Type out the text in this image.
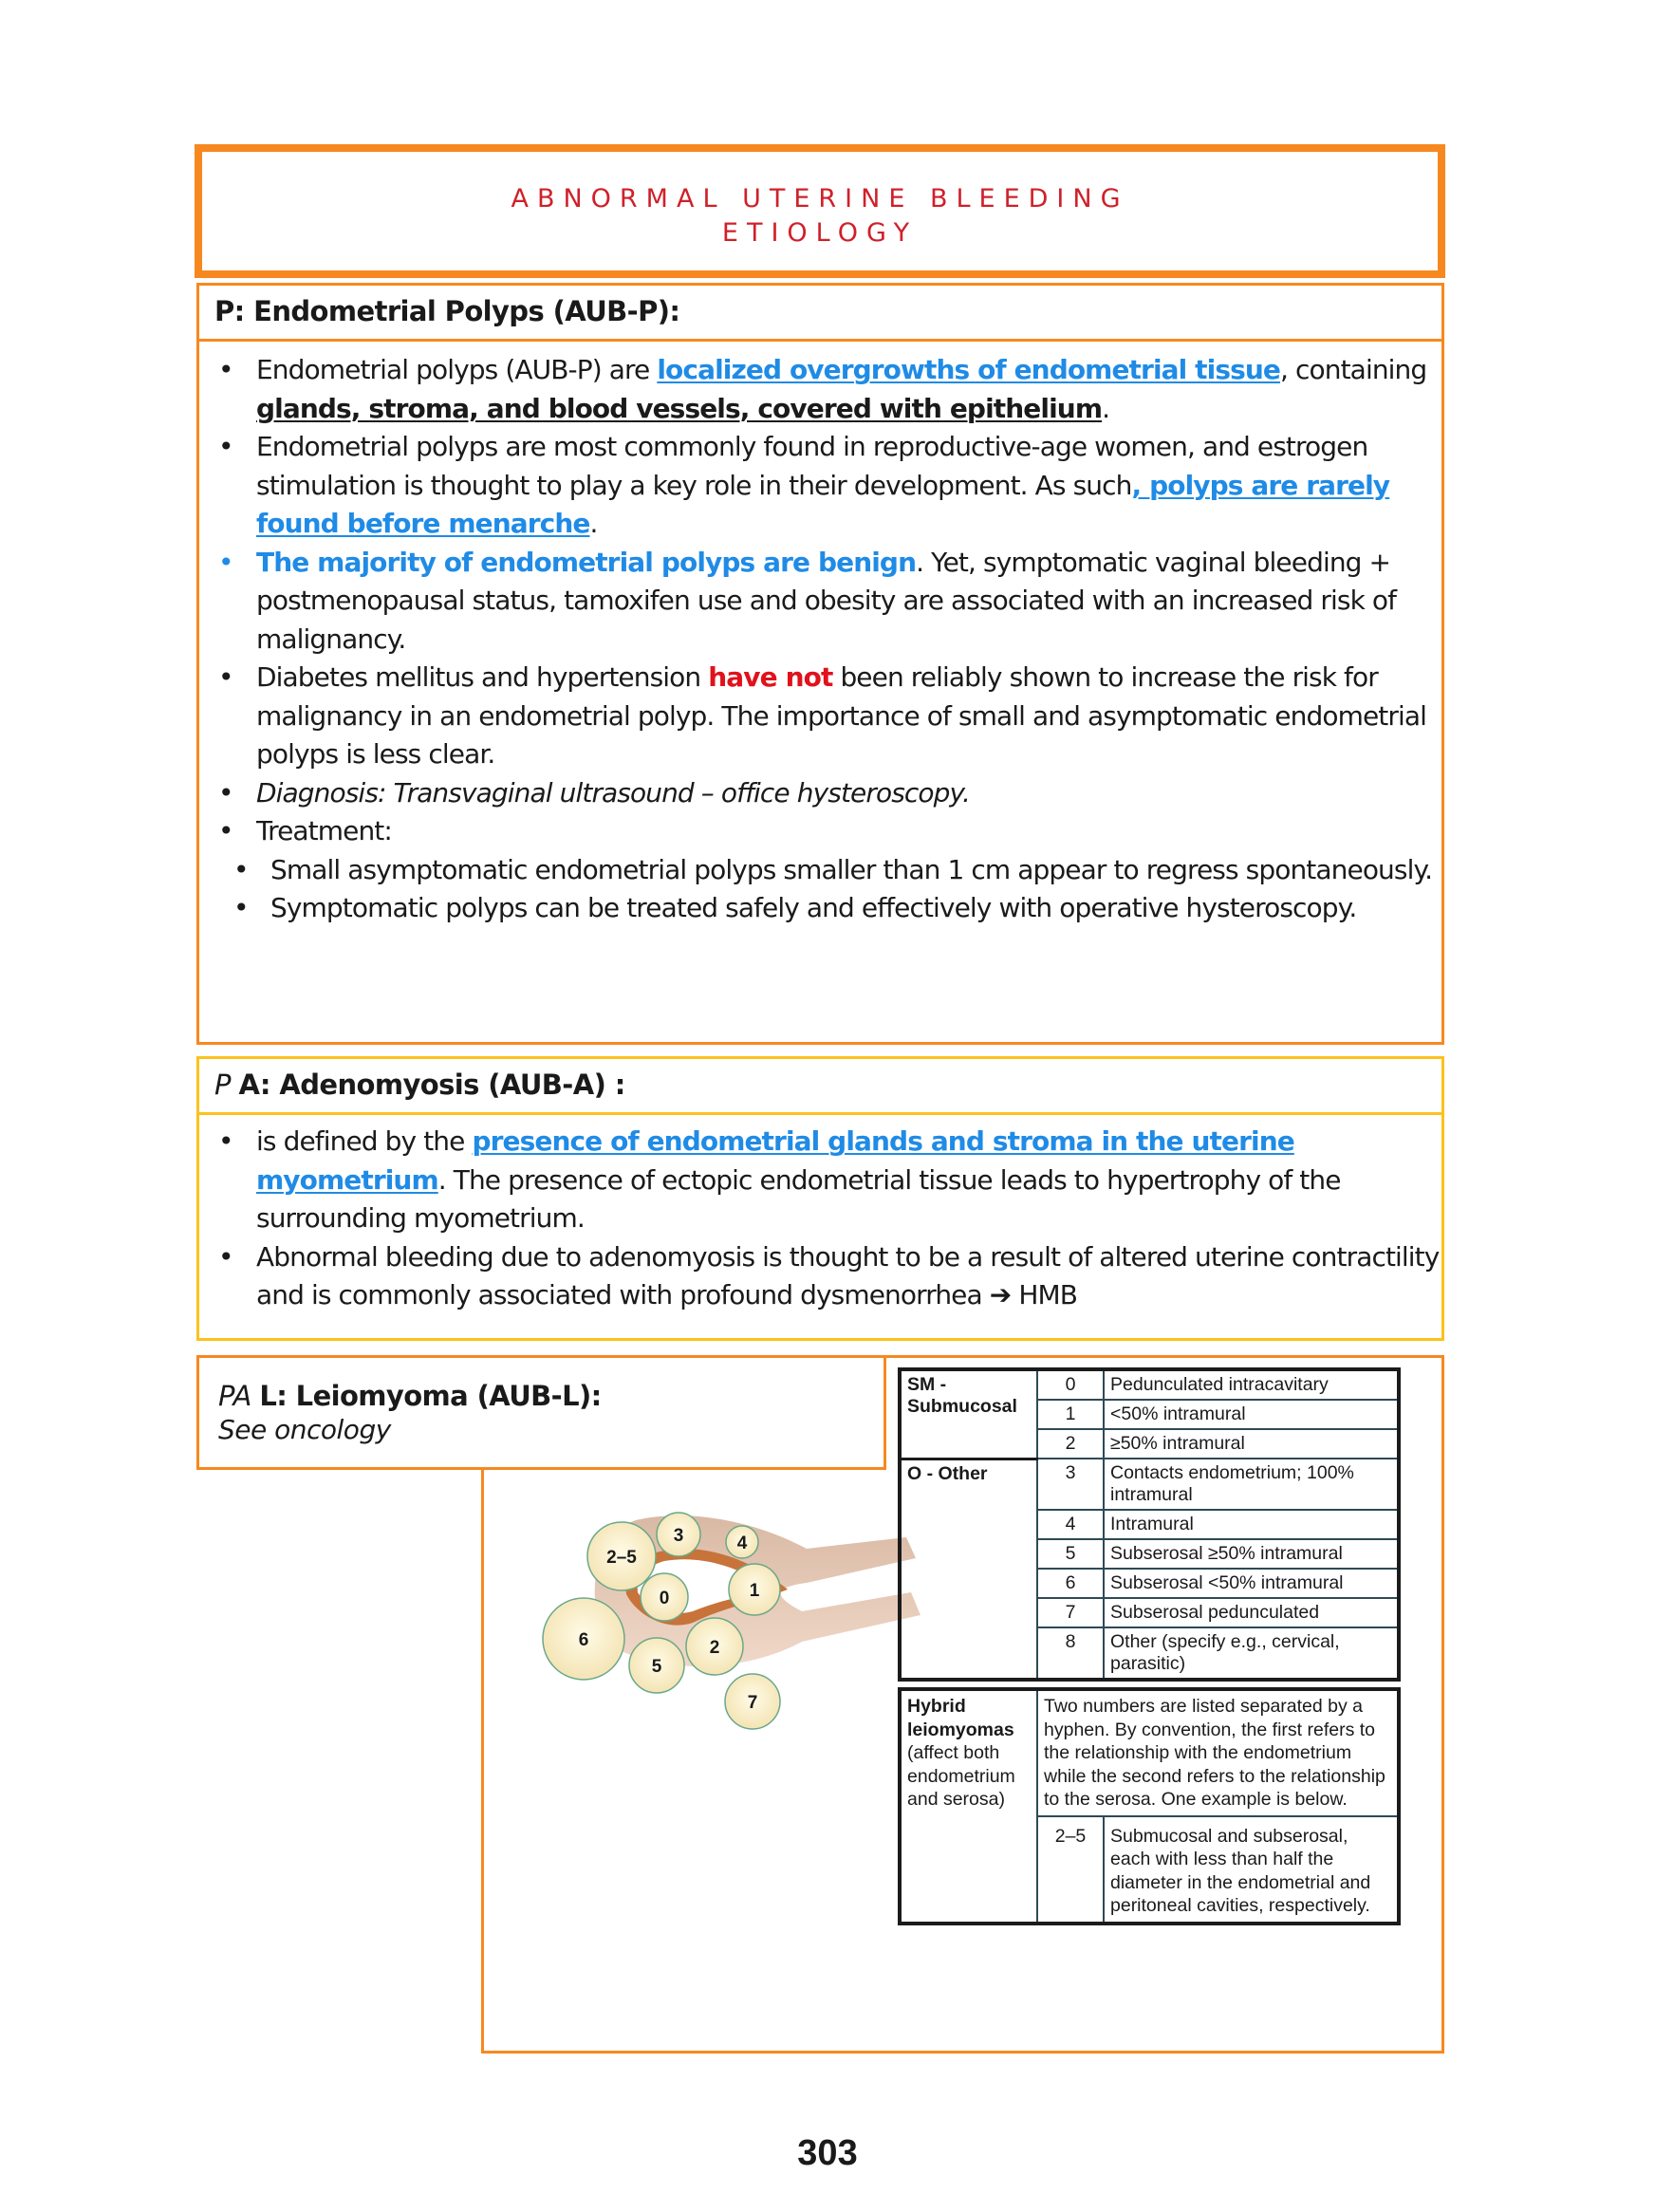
ABNORMAL UTERINE BLEEDING
ETIOLOGY
P: Endometrial Polyps (AUB-P):
• Endometrial polyps (AUB-P) are localized overgrowths of endometrial tissue, containing glands, stroma, and blood vessels, covered with epithelium.
• Endometrial polyps are most commonly found in reproductive-age women, and estrogen stimulation is thought to play a key role in their development. As such, polyps are rarely found before menarche.
• The majority of endometrial polyps are benign. Yet, symptomatic vaginal bleeding + postmenopausal status, tamoxifen use and obesity are associated with an increased risk of malignancy.
• Diabetes mellitus and hypertension have not been reliably shown to increase the risk for malignancy in an endometrial polyp. The importance of small and asymptomatic endometrial polyps is less clear.
• Diagnosis: Transvaginal ultrasound – office hysteroscopy.
• Treatment:
• Small asymptomatic endometrial polyps smaller than 1 cm appear to regress spontaneously.
• Symptomatic polyps can be treated safely and effectively with operative hysteroscopy.
P A: Adenomyosis (AUB-A) :
• is defined by the presence of endometrial glands and stroma in the uterine myometrium. The presence of ectopic endometrial tissue leads to hypertrophy of the surrounding myometrium.
• Abnormal bleeding due to adenomyosis is thought to be a result of altered uterine contractility and is commonly associated with profound dysmenorrhea ➔ HMB
PA L: Leiomyoma (AUB-L):
See oncology
2–5
3	4
0	1
6	2
5
7
SM -
Submucosal	0	Pedunculated intracavitary
	1	<50% intramural
	2	≥50% intramural
O - Other	3	Contacts endometrium; 100% intramural
	4	Intramural
	5	Subserosal ≥50% intramural
	6	Subserosal <50% intramural
	7	Subserosal pedunculated
	8	Other (specify e.g., cervical, parasitic)
Hybrid leiomyomas
(affect both endometrium and serosa)	Two numbers are listed separated by a hyphen. By convention, the first refers to the relationship with the endometrium while the second refers to the relationship to the serosa. One example is below.	
	2–5	Submucosal and subserosal, each with less than half the diameter in the endometrial and peritoneal cavities, respectively.
303
